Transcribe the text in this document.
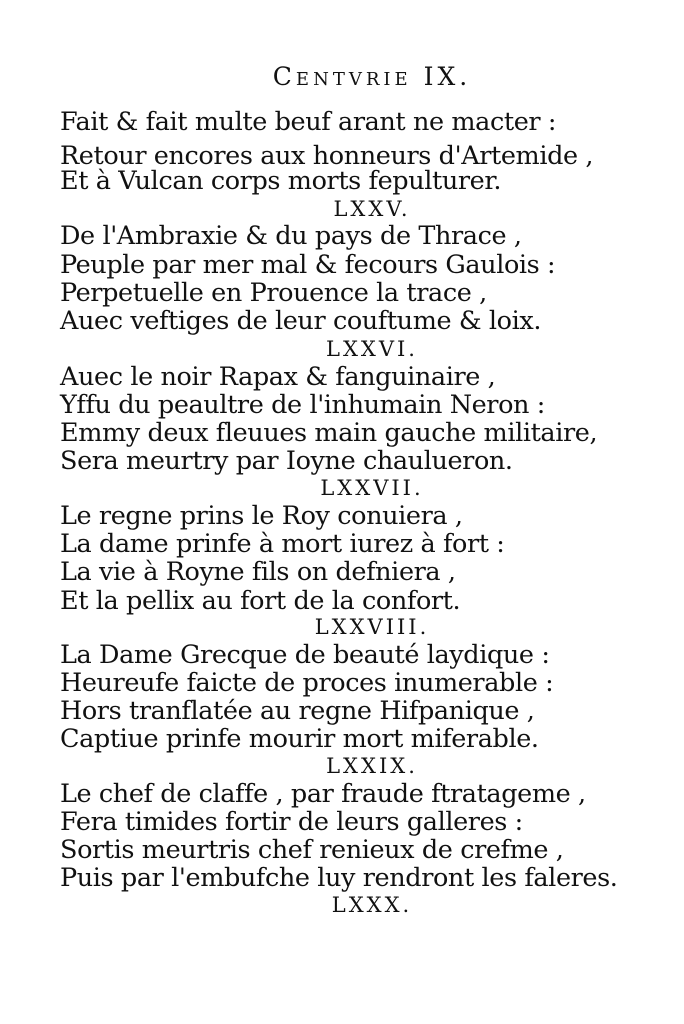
Centvrie IX.
Fait & fait multe beuf arant ne macter :
Retour encores aux honneurs d'Artemide ,
Et à Vulcan corps morts fepulturer.
LXXV.
De l'Ambraxie & du pays de Thrace ,
Peuple par mer mal & fecours Gaulois :
Perpetuelle en Prouence la trace ,
Auec veftiges de leur couftume & loix.
LXXVI.
Auec le noir Rapax & fanguinaire ,
Yffu du peaultre de l'inhumain Neron :
Emmy deux fleuues main gauche militaire,
Sera meurtry par Ioyne chaulueron.
LXXVII.
Le regne prins le Roy conuiera ,
La dame prinfe à mort iurez à fort :
La vie à Royne fils on defniera ,
Et la pellix au fort de la confort.
LXXVIII.
La Dame Grecque de beauté laydique :
Heureufe faicte de proces inumerable :
Hors tranflatée au regne Hifpanique ,
Captiue prinfe mourir mort miferable.
LXXIX.
Le chef de claffe , par fraude ftratageme ,
Fera timides fortir de leurs galleres :
Sortis meurtris chef renieux de crefme ,
Puis par l'embufche luy rendront les faleres.
LXXX.
